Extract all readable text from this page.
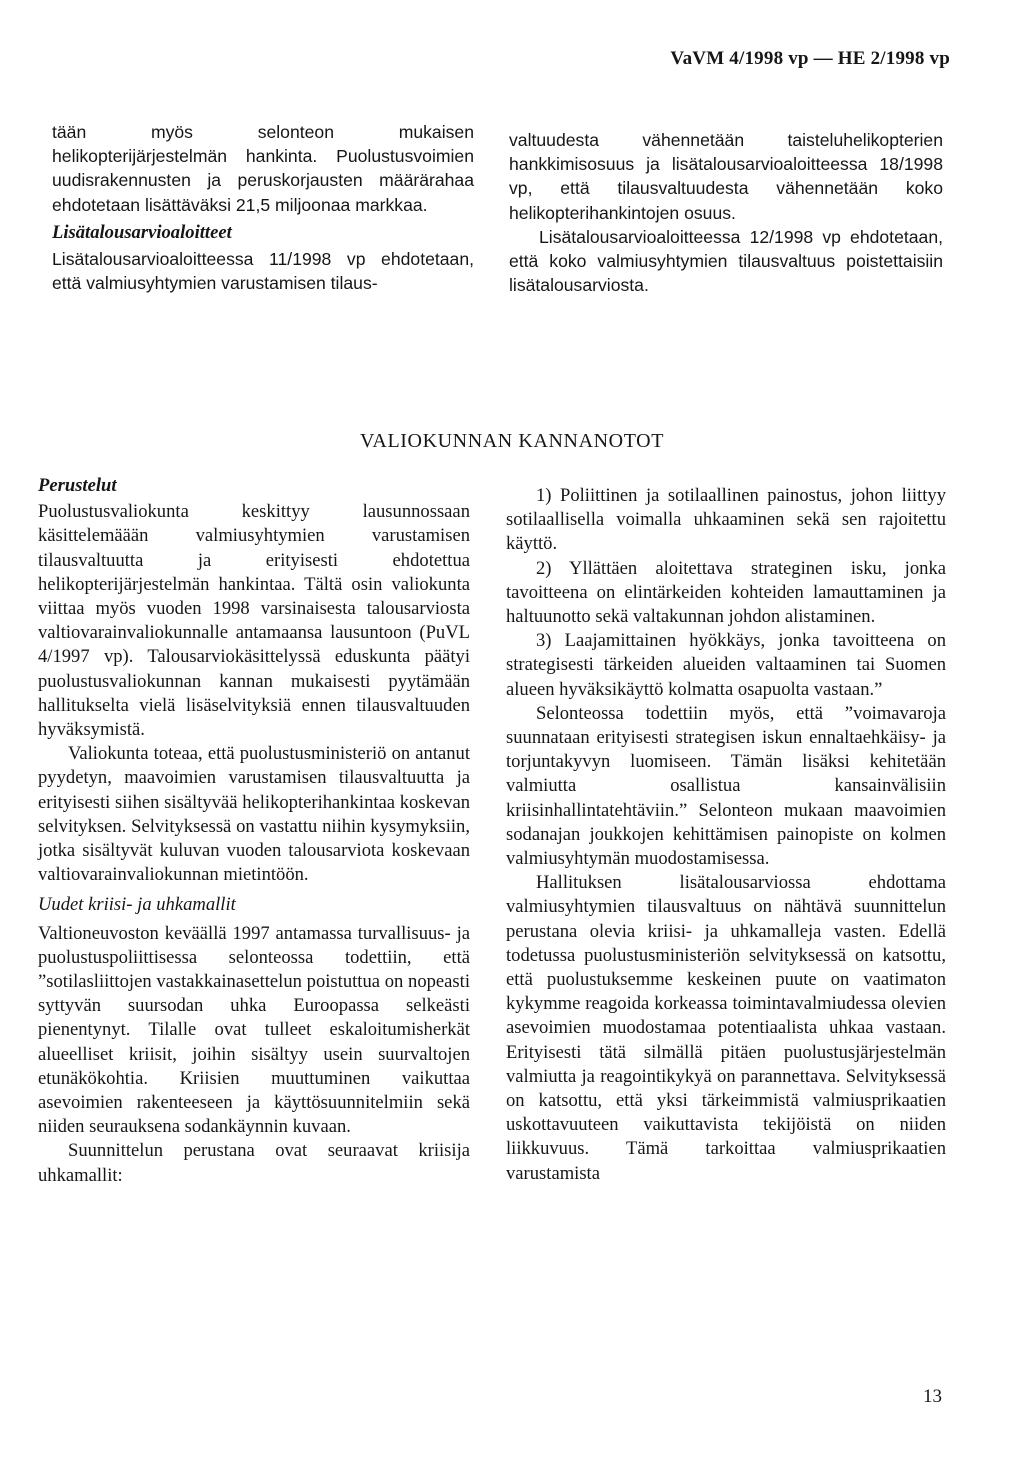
VaVM 4/1998 vp — HE 2/1998 vp

tään myös selonteon mukaisen helikopterijärjestelmän hankinta. Puolustusvoimien uudisrakennusten ja peruskorjausten määrärahaa ehdotetaan lisättäväksi 21,5 miljoonaa markkaa.

Lisätalousarvioaloitteet

Lisätalousarvioaloitteessa 11/1998 vp ehdotetaan, että valmiusyhtymien varustamisen tilaus-

valtuudesta vähennetään taisteluhelikopterien hankkimisosuus ja lisätalousarvioaloitteessa 18/1998 vp, että tilausvaltuudesta vähennetään koko helikopterihankintojen osuus.

Lisätalousarvioaloitteessa 12/1998 vp ehdotetaan, että koko valmiusyhtymien tilausvaltuus poistettaisiin lisätalousarviosta.

VALIOKUNNAN KANNANOTOT
Perustelut

Puolustusvaliokunta keskittyy lausunnossaan käsittelemäään valmiusyhtymien varustamisen tilausvaltuutta ja erityisesti ehdotettua helikopterijärjestelmän hankintaa. Tältä osin valiokunta viittaa myös vuoden 1998 varsinaisesta talousarviosta valtiovarainvaliokunnalle antamaansa lausuntoon (PuVL 4/1997 vp). Talousarviokäsittelyssä eduskunta päätyi puolustusvaliokunnan kannan mukaisesti pyytämään hallitukselta vielä lisäselvityksiä ennen tilausvaltuuden hyväksymistä.

Valiokunta toteaa, että puolustusministeriö on antanut pyydetyn, maavoimien varustamisen tilausvaltuutta ja erityisesti siihen sisältyvää helikopterihankintaa koskevan selvityksen. Selvityksessä on vastattu niihin kysymyksiin, jotka sisältyvät kuluvan vuoden talousarviota koskevaan valtiovarainvaliokunnan mietintöön.

Uudet kriisi- ja uhkamallit

Valtioneuvoston keväällä 1997 antamassa turvallisuus- ja puolustuspoliittisessa selonteossa todettiin, että ”sotilasliittojen vastakkainasettelun poistuttua on nopeasti syttyvän suursodan uhka Euroopassa selkeästi pienentynyt. Tilalle ovat tulleet eskaloitumisherkät alueelliset kriisit, joihin sisältyy usein suurvaltojen etunäkökohtia. Kriisien muuttuminen vaikuttaa asevoimien rakenteeseen ja käyttösuunnitelmiin sekä niiden seurauksena sodankäynnin kuvaan.

Suunnittelun perustana ovat seuraavat kriisija uhkamallit:

1) Poliittinen ja sotilaallinen painostus, johon liittyy sotilaallisella voimalla uhkaaminen sekä sen rajoitettu käyttö.

2) Yllättäen aloitettava strateginen isku, jonka tavoitteena on elintärkeiden kohteiden lamauttaminen ja haltuunotto sekä valtakunnan johdon alistaminen.

3) Laajamittainen hyökkäys, jonka tavoitteena on strategisesti tärkeiden alueiden valtaaminen tai Suomen alueen hyväksikäyttö kolmatta osapuolta vastaan.”

Selonteossa todettiin myös, että ”voimavaroja suunnataan erityisesti strategisen iskun ennaltaehkäisy- ja torjuntakyvyn luomiseen. Tämän lisäksi kehitetään valmiutta osallistua kansainvälisiin kriisinhallintatehtäviin.” Selonteon mukaan maavoimien sodanajan joukkojen kehittämisen painopiste on kolmen valmiusyhtymän muodostamisessa.

Hallituksen lisätalousarviossa ehdottama valmiusyhtymien tilausvaltuus on nähtävä suunnittelun perustana olevia kriisi- ja uhkamalleja vasten. Edellä todetussa puolustusministeriön selvityksessä on katsottu, että puolustuksemme keskeinen puute on vaatimaton kykymme reagoida korkeassa toimintavalmiudessa olevien asevoimien muodostamaa potentiaalista uhkaa vastaan. Erityisesti tätä silmällä pitäen puolustusjärjestelmän valmiutta ja reagointikykyä on parannettava. Selvityksessä on katsottu, että yksi tärkeimmistä valmiusprikaatien uskottavuuteen vaikuttavista tekijöistä on niiden liikkuvuus. Tämä tarkoittaa valmiusprikaatien varustamista

13
